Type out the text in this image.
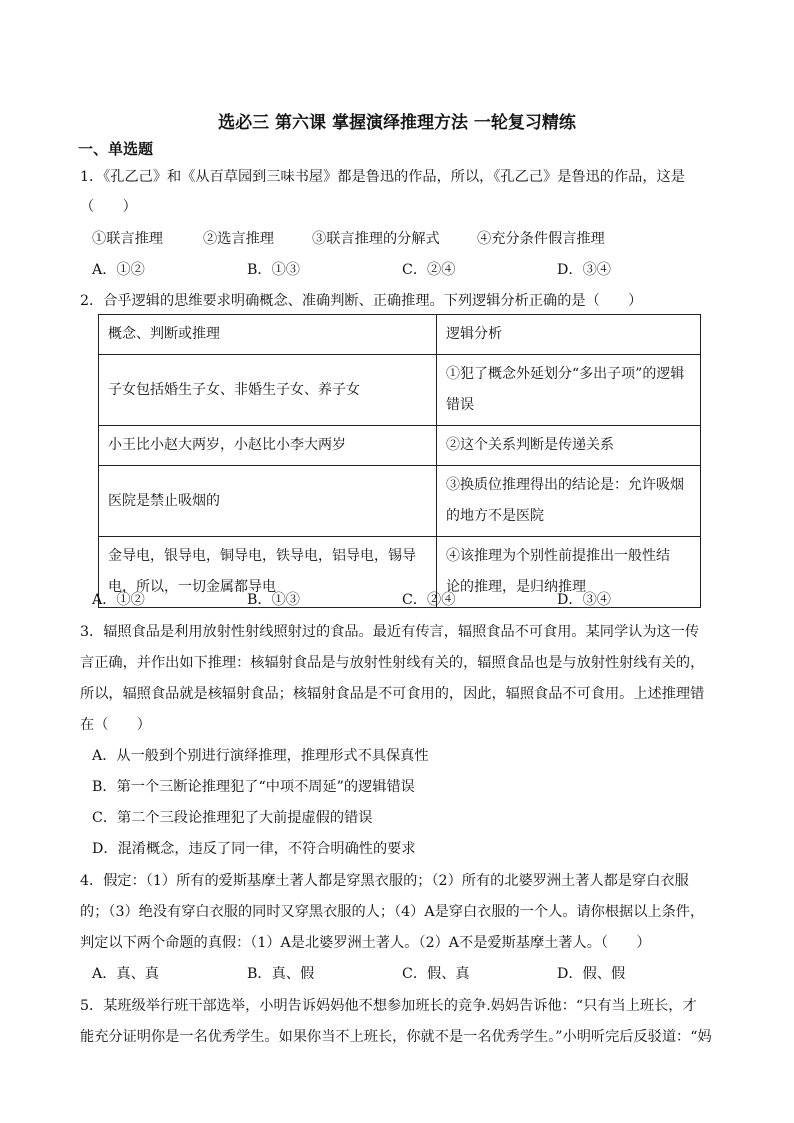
选必三 第六课 掌握演绎推理方法 一轮复习精练
一、单选题
1．《孔乙己》和《从百草园到三味书屋》都是鲁迅的作品，所以，《孔乙己》是鲁迅的作品，这是
（　　）
①联言推理	②选言推理	③联言推理的分解式	④充分条件假言推理
A．①②	B．①③	C．②④	D．③④
2．合乎逻辑的思维要求明确概念、准确判断、正确推理。下列逻辑分析正确的是（　　）
概念、判断或推理	逻辑分析
子女包括婚生子女、非婚生子女、养子女	①犯了概念外延划分“多出子项”的逻辑
错误
小王比小赵大两岁，小赵比小李大两岁	②这个关系判断是传递关系
医院是禁止吸烟的	③换质位推理得出的结论是：允许吸烟
的地方不是医院
金导电，银导电，铜导电，铁导电，铝导电，锡导
电，所以，一切金属都导电	④该推理为个别性前提推出一般性结
论的推理，是归纳推理
A．①②	B．①③	C．②④	D．③④
3．辐照食品是利用放射性射线照射过的食品。最近有传言，辐照食品不可食用。某同学认为这一传
言正确，并作出如下推理：核辐射食品是与放射性射线有关的，辐照食品也是与放射性射线有关的，
所以，辐照食品就是核辐射食品；核辐射食品是不可食用的，因此，辐照食品不可食用。上述推理错
在（　　）
A．从一般到个别进行演绎推理，推理形式不具保真性
B．第一个三断论推理犯了“中项不周延”的逻辑错误
C．第二个三段论推理犯了大前提虚假的错误
D．混淆概念，违反了同一律，不符合明确性的要求
4．假定：（1）所有的爱斯基摩土著人都是穿黑衣服的；（2）所有的北婆罗洲土著人都是穿白衣服
的；（3）绝没有穿白衣服的同时又穿黑衣服的人；（4）A是穿白衣服的一个人。请你根据以上条件，
判定以下两个命题的真假：（1）A是北婆罗洲土著人。（2）A不是爱斯基摩土著人。（　　）
A．真、真	B．真、假	C．假、真	D．假、假
5．某班级举行班干部选举，小明告诉妈妈他不想参加班长的竞争.妈妈告诉他：“只有当上班长，才
能充分证明你是一名优秀学生。如果你当不上班长，你就不是一名优秀学生。”小明听完后反驳道：“妈
